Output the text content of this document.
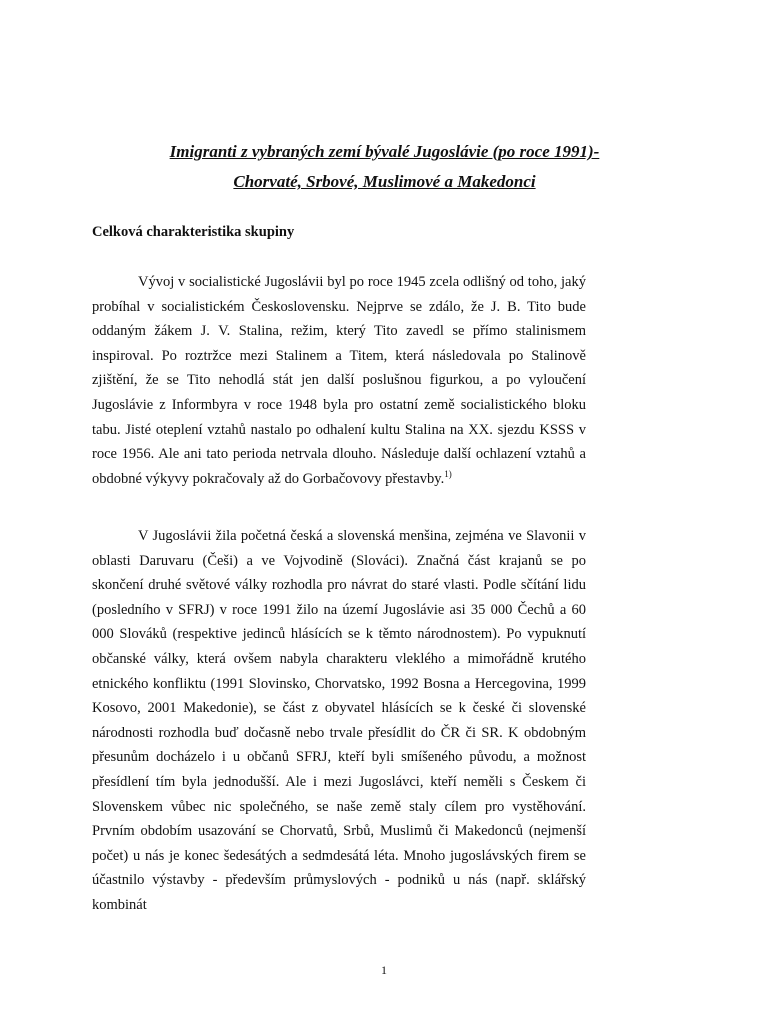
Imigranti z vybraných zemí bývalé Jugoslávie (po roce 1991)-
Chorvaté, Srbové, Muslimové a Makedonci
Celková charakteristika skupiny

Vývoj v socialistické Jugoslávii byl po roce 1945 zcela odlišný od toho, jaký probíhal v socialistickém Československu. Nejprve se zdálo, že J. B. Tito bude oddaným žákem J. V. Stalina, režim, který Tito zavedl se přímo stalinismem inspiroval. Po roztržce mezi Stalinem a Titem, která následovala po Stalinově zjištění, že se Tito nehodlá stát jen další poslušnou figurkou, a po vyloučení Jugoslávie z Informbyra v roce 1948 byla pro ostatní země socialistického bloku tabu. Jisté oteplení vztahů nastalo po odhalení kultu Stalina na XX. sjezdu KSSS v roce 1956. Ale ani tato perioda netrvala dlouho. Následuje další ochlazení vztahů a obdobné výkyvy pokračovaly až do Gorbačovovy přestavby.$^{1)}$

V Jugoslávii žila početná česká a slovenská menšina, zejména ve Slavonii v oblasti Daruvaru (Češi) a ve Vojvodině (Slováci). Značná část krajanů se po skončení druhé světové války rozhodla pro návrat do staré vlasti. Podle sčítání lidu (posledního v SFRJ) v roce 1991 žilo na území Jugoslávie asi 35 000 Čechů a 60 000 Slováků (respektive jedinců hlásících se k těmto národnostem). Po vypuknutí občanské války, která ovšem nabyla charakteru vleklého a mimořádně krutého etnického konfliktu (1991 Slovinsko, Chorvatsko, 1992 Bosna a Hercegovina, 1999 Kosovo, 2001 Makedonie), se část z obyvatel hlásících se k české či slovenské národnosti rozhodla buď dočasně nebo trvale přesídlit do ČR či SR. K obdobným přesunům docházelo i u občanů SFRJ, kteří byli smíšeného původu, a možnost přesídlení tím byla jednodušší. Ale i mezi Jugoslávci, kteří neměli s Českem či Slovenskem vůbec nic společného, se naše země staly cílem pro vystěhování. Prvním obdobím usazování se Chorvatů, Srbů, Muslimů či Makedonců (nejmenší počet) u nás je konec šedesátých a sedmdesátá léta. Mnoho jugoslávských firem se účastnilo výstavby - především průmyslových - podniků u nás (např. sklářský kombinát

1
